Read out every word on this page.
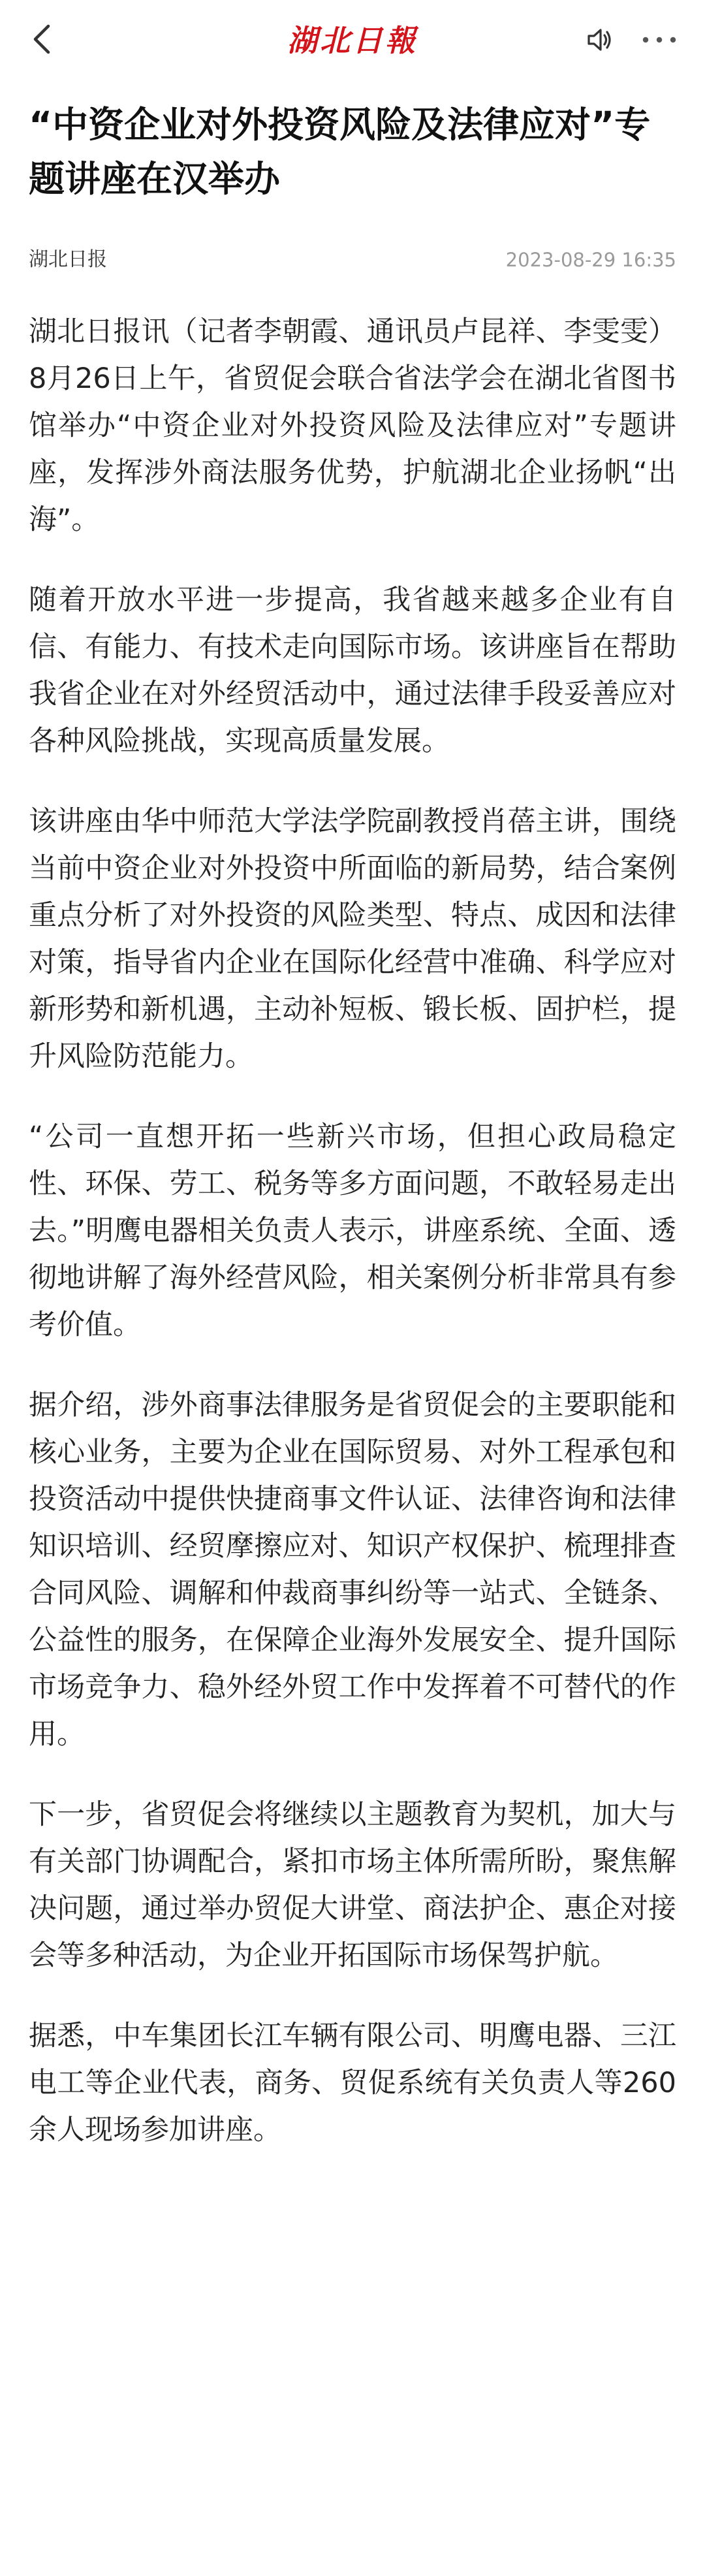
湖北日報
“中资企业对外投资风险及法律应对”专题讲座在汉举办
湖北日报	2023-08-29 16:35

湖北日报讯（记者李朝霞、通讯员卢昆祥、李雯雯）8月26日上午，省贸促会联合省法学会在湖北省图书馆举办“中资企业对外投资风险及法律应对”专题讲座，发挥涉外商法服务优势，护航湖北企业扬帆“出海”。

随着开放水平进一步提高，我省越来越多企业有自信、有能力、有技术走向国际市场。该讲座旨在帮助我省企业在对外经贸活动中，通过法律手段妥善应对各种风险挑战，实现高质量发展。

该讲座由华中师范大学法学院副教授肖蓓主讲，围绕当前中资企业对外投资中所面临的新局势，结合案例重点分析了对外投资的风险类型、特点、成因和法律对策，指导省内企业在国际化经营中准确、科学应对新形势和新机遇，主动补短板、锻长板、固护栏，提升风险防范能力。

“公司一直想开拓一些新兴市场，但担心政局稳定性、环保、劳工、税务等多方面问题，不敢轻易走出去。”明鹰电器相关负责人表示，讲座系统、全面、透彻地讲解了海外经营风险，相关案例分析非常具有参考价值。

据介绍，涉外商事法律服务是省贸促会的主要职能和核心业务，主要为企业在国际贸易、对外工程承包和投资活动中提供快捷商事文件认证、法律咨询和法律知识培训、经贸摩擦应对、知识产权保护、梳理排查合同风险、调解和仲裁商事纠纷等一站式、全链条、公益性的服务，在保障企业海外发展安全、提升国际市场竞争力、稳外经外贸工作中发挥着不可替代的作用。

下一步，省贸促会将继续以主题教育为契机，加大与有关部门协调配合，紧扣市场主体所需所盼，聚焦解决问题，通过举办贸促大讲堂、商法护企、惠企对接会等多种活动，为企业开拓国际市场保驾护航。

据悉，中车集团长江车辆有限公司、明鹰电器、三江电工等企业代表，商务、贸促系统有关负责人等260余人现场参加讲座。
